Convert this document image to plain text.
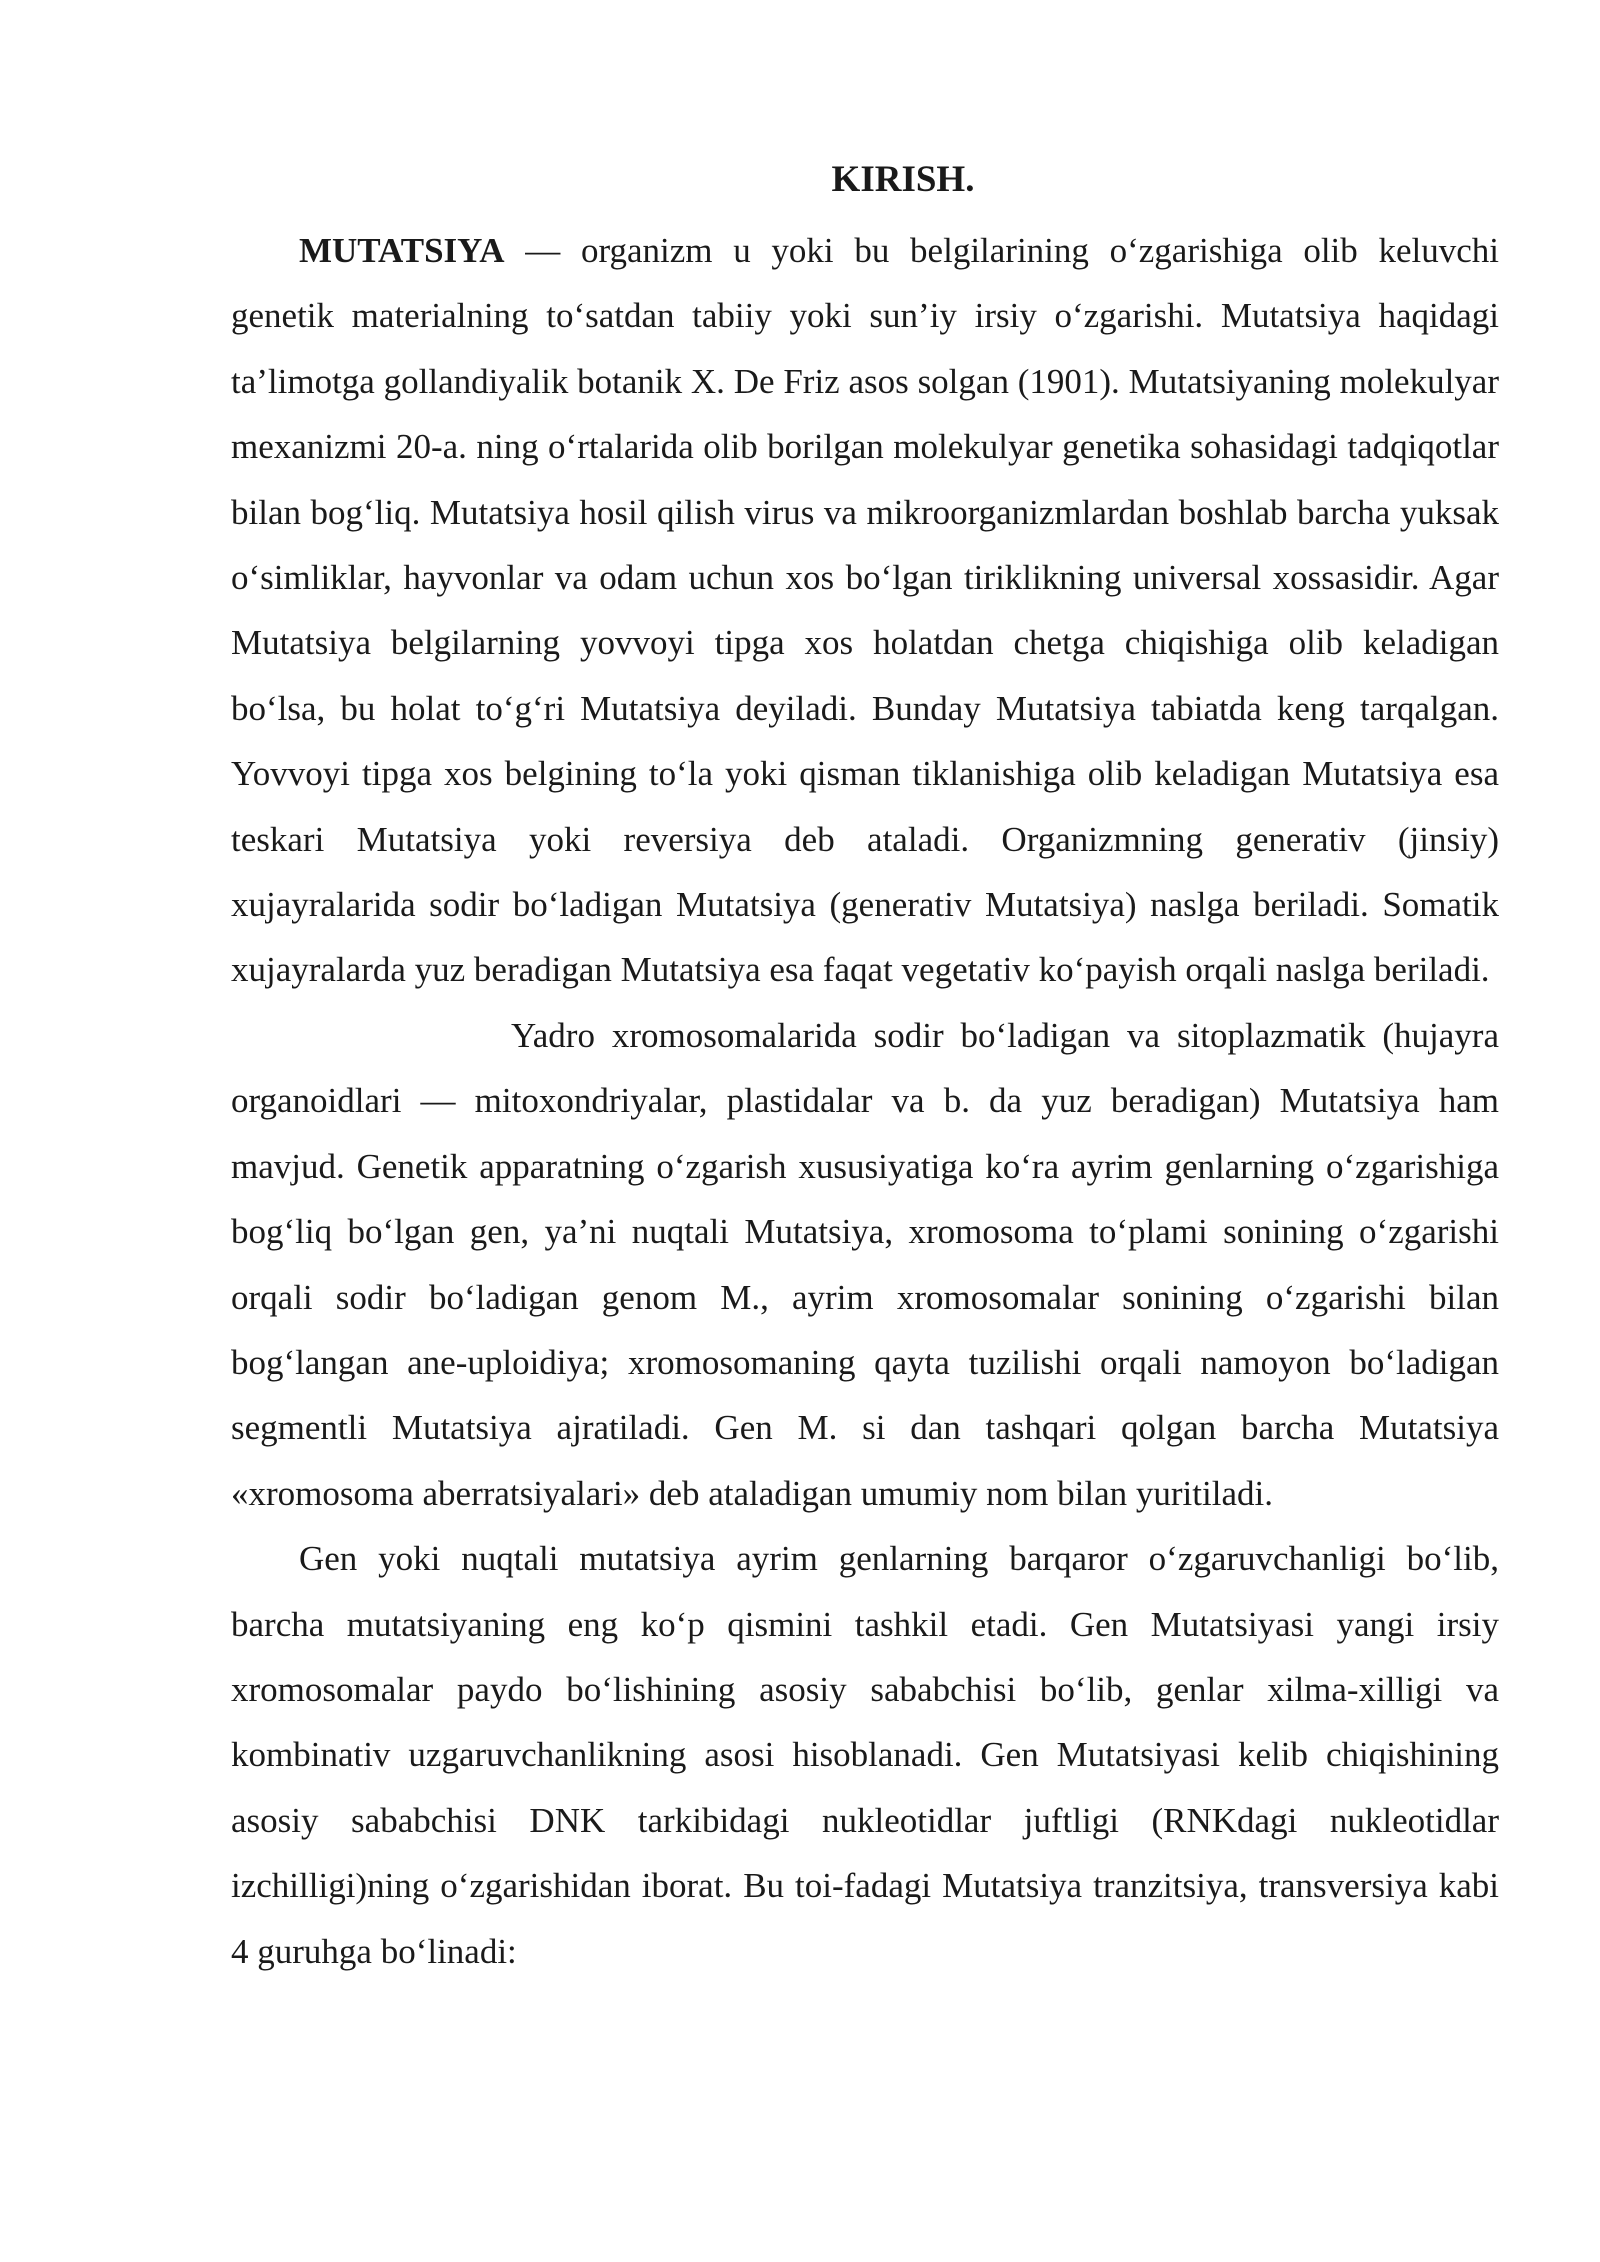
KIRISH.

MUTATSIYA — organizm u yoki bu belgilarining o‘zgarishiga olib keluvchi genetik materialning to‘satdan tabiiy yoki sun’iy irsiy o‘zgarishi. Mutatsiya haqidagi ta’limotga gollandiyalik botanik X. De Friz asos solgan (1901). Mutatsiyaning molekulyar mexanizmi 20-a. ning o‘rtalarida olib borilgan molekulyar genetika sohasidagi tadqiqotlar bilan bog‘liq. Mutatsiya hosil qilish virus va mikroorganizmlardan boshlab barcha yuksak o‘simliklar, hayvonlar va odam uchun xos bo‘lgan tiriklikning universal xossasidir. Agar Mutatsiya belgilarning yovvoyi tipga xos holatdan chetga chiqishiga olib keladigan bo‘lsa, bu holat to‘g‘ri Mutatsiya deyiladi. Bunday Mutatsiya tabiatda keng tarqalgan. Yovvoyi tipga xos belgining to‘la yoki qisman tiklanishiga olib keladigan Mutatsiya esa teskari Mutatsiya yoki reversiya deb ataladi. Organizmning generativ (jinsiy) xujayralarida sodir bo‘ladigan Mutatsiya (generativ Mutatsiya) naslga beriladi. Somatik xujayralarda yuz beradigan Mutatsiya esa faqat vegetativ ko‘payish orqali naslga beriladi.

Yadro xromosomalarida sodir bo‘ladigan va sitoplazmatik (hujayra organoidlari — mitoxondriyalar, plastidalar va b. da yuz beradigan) Mutatsiya ham mavjud. Genetik apparatning o‘zgarish xususiyatiga ko‘ra ayrim genlarning o‘zgarishiga bog‘liq bo‘lgan gen, ya’ni nuqtali Mutatsiya, xromosoma to‘plami sonining o‘zgarishi orqali sodir bo‘ladigan genom M., ayrim xromosomalar sonining o‘zgarishi bilan bog‘langan ane-uploidiya; xromosomaning qayta tuzilishi orqali namoyon bo‘ladigan segmentli Mutatsiya ajratiladi. Gen M. si dan tashqari qolgan barcha Mutatsiya «xromosoma aberratsiyalari» deb ataladigan umumiy nom bilan yuritiladi.

Gen yoki nuqtali mutatsiya ayrim genlarning barqaror o‘zgaruvchanligi bo‘lib, barcha mutatsiyaning eng ko‘p qismini tashkil etadi. Gen Mutatsiyasi yangi irsiy xromosomalar paydo bo‘lishining asosiy sababchisi bo‘lib, genlar xilma-xilligi va kombinativ uzgaruvchanlikning asosi hisoblanadi. Gen Mutatsiyasi kelib chiqishining asosiy sababchisi DNK tarkibidagi nukleotidlar juftligi (RNKdagi nukleotidlar izchilligi)ning o‘zgarishidan iborat. Bu toi-fadagi Mutatsiya tranzitsiya, transversiya kabi 4 guruhga bo‘linadi:
